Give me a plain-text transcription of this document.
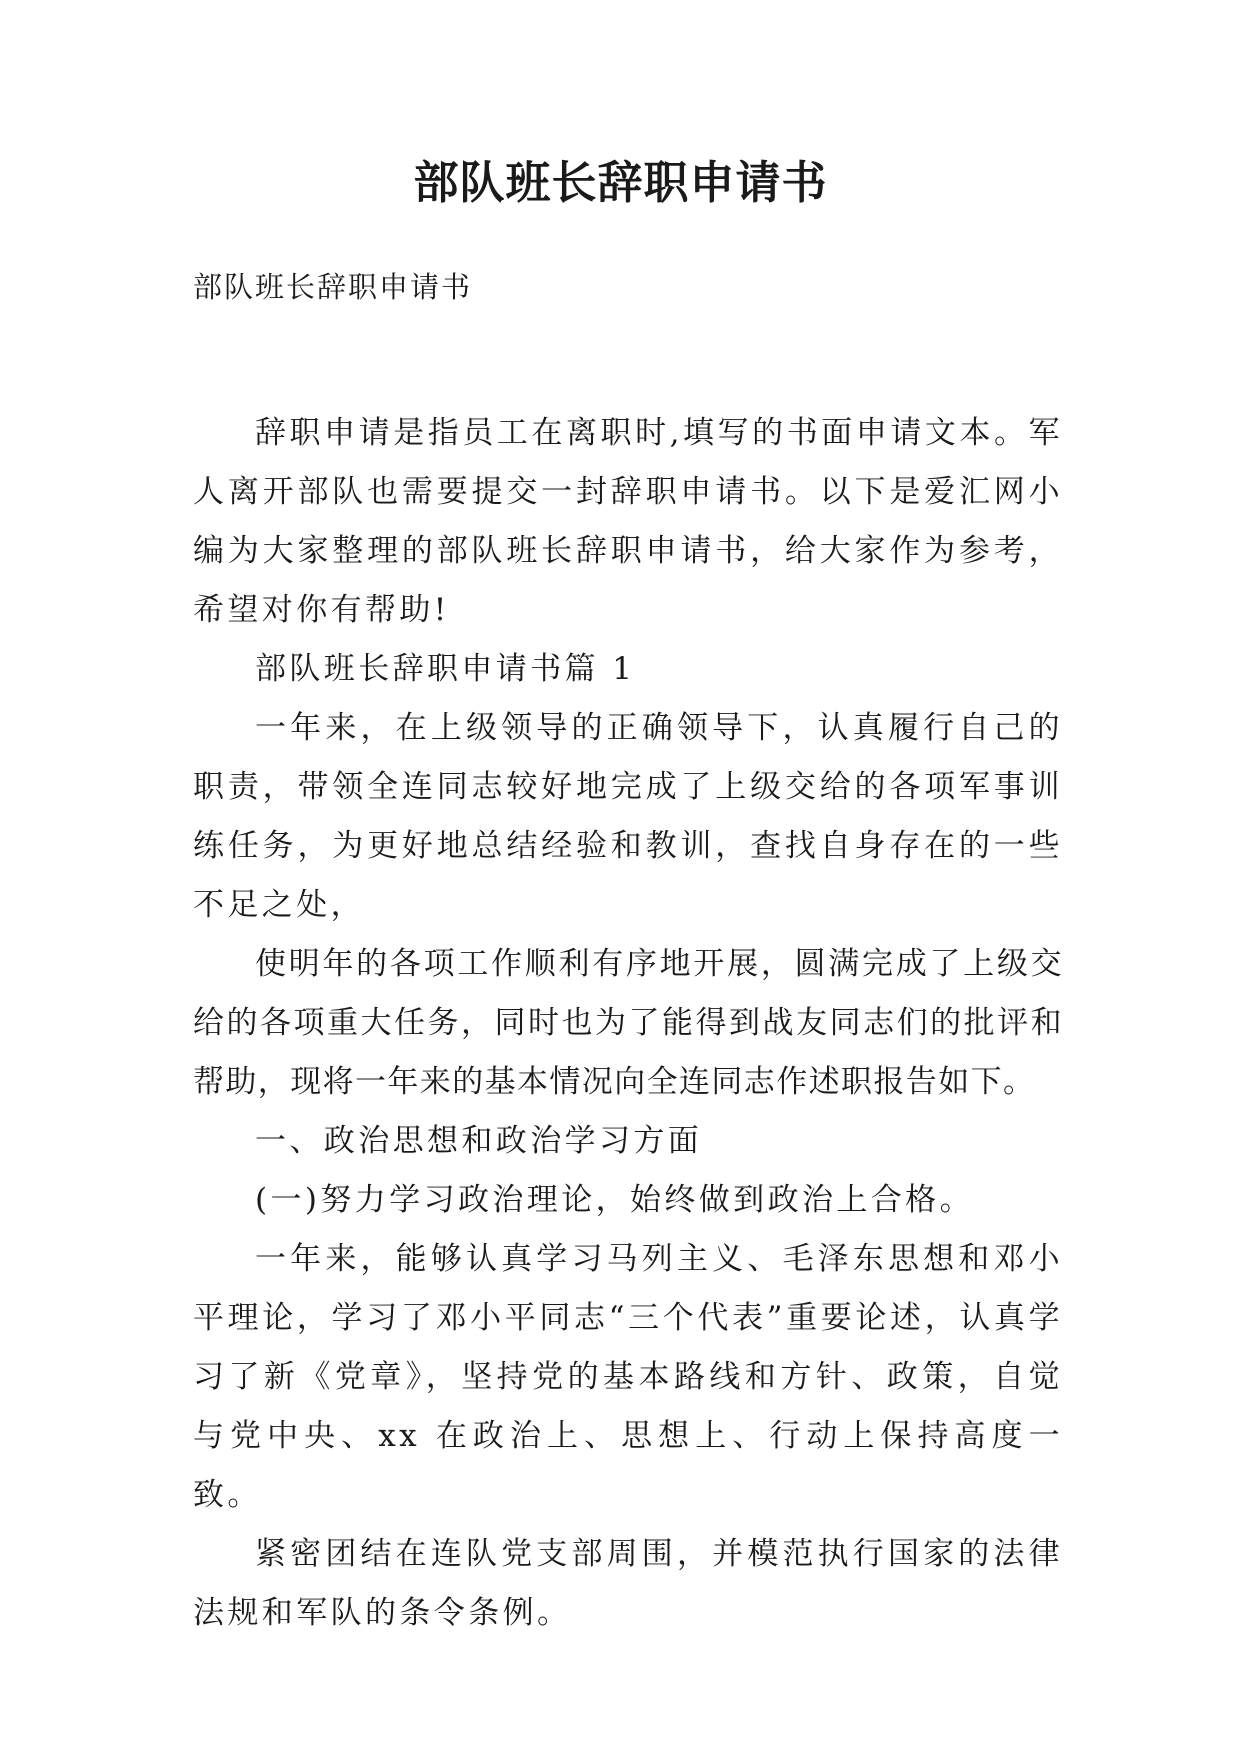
部队班长辞职申请书

部队班长辞职申请书

辞职申请是指员工在离职时,填写的书面申请文本。军人离开部队也需要提交一封辞职申请书。以下是爱汇网小编为大家整理的部队班长辞职申请书，给大家作为参考，希望对你有帮助!

部队班长辞职申请书篇 1

一年来，在上级领导的正确领导下，认真履行自己的职责，带领全连同志较好地完成了上级交给的各项军事训练任务，为更好地总结经验和教训，查找自身存在的一些不足之处，

使明年的各项工作顺利有序地开展，圆满完成了上级交给的各项重大任务，同时也为了能得到战友同志们的批评和帮助，现将一年来的基本情况向全连同志作述职报告如下。

一、政治思想和政治学习方面

(一)努力学习政治理论，始终做到政治上合格。

一年来，能够认真学习马列主义、毛泽东思想和邓小平理论，学习了邓小平同志“三个代表”重要论述，认真学习了新《党章》，坚持党的基本路线和方针、政策，自觉与党中央、xx 在政治上、思想上、行动上保持高度一致。

紧密团结在连队党支部周围，并模范执行国家的法律法规和军队的条令条例。
